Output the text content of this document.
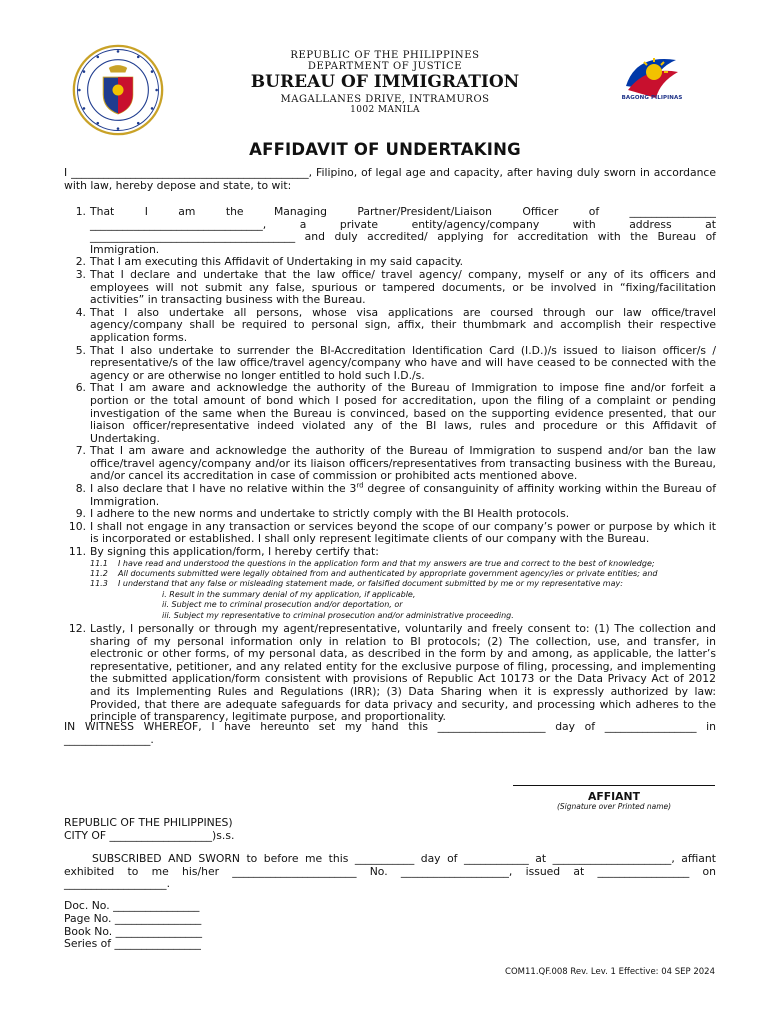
BAGONG PILIPINAS
REPUBLIC OF THE PHILIPPINES
DEPARTMENT OF JUSTICE
BUREAU OF IMMIGRATION
MAGALLANES DRIVE, INTRAMUROS
1002 MANILA
AFFIDAVIT OF UNDERTAKING
I ____________________________________________, Filipino, of legal age and capacity, after having duly sworn in accordance with law, hereby depose and state, to wit:
1. That	I	am	the	Managing	Partner/President/Liaison	Officer	of	________________
________________________________, a private entity/agency/company with address at ______________________________________ and duly accredited/ applying for accreditation with the Bureau of Immigration.
2. That I am executing this Affidavit of Undertaking in my said capacity.
3. That I declare and undertake that the law office/ travel agency/ company, myself or any of its officers and employees will not submit any false, spurious or tampered documents, or be involved in “fixing/facilitation activities” in transacting business with the Bureau.
4. That I also undertake all persons, whose visa applications are coursed through our law office/travel agency/company shall be required to personal sign, affix, their thumbmark and accomplish their respective application forms.
5. That I also undertake to surrender the BI-Accreditation Identification Card (I.D.)/s issued to liaison officer/s / representative/s of the law office/travel agency/company who have and will have ceased to be connected with the agency or are otherwise no longer entitled to hold such I.D./s.
6. That I am aware and acknowledge the authority of the Bureau of Immigration to impose fine and/or forfeit a portion or the total amount of bond which I posed for accreditation, upon the filing of a complaint or pending investigation of the same when the Bureau is convinced, based on the supporting evidence presented, that our liaison officer/representative indeed violated any of the BI laws, rules and procedure or this Affidavit of Undertaking.
7. That I am aware and acknowledge the authority of the Bureau of Immigration to suspend and/or ban the law office/travel agency/company and/or its liaison officers/representatives from transacting business with the Bureau, and/or cancel its accreditation in case of commission or prohibited acts mentioned above.
8. I also declare that I have no relative within the 3rd degree of consanguinity of affinity working within the Bureau of Immigration.
9. I adhere to the new norms and undertake to strictly comply with the BI Health protocols.
10. I shall not engage in any transaction or services beyond the scope of our company’s power or purpose by which it is incorporated or established. I shall only represent legitimate clients of our company with the Bureau.
11. By signing this application/form, I hereby certify that:
11.1	I have read and understood the questions in the application form and that my answers are true and correct to the best of knowledge;
11.2	All documents submitted were legally obtained from and authenticated by appropriate government agency/ies or private entities; and
11.3	I understand that any false or misleading statement made, or falsified document submitted by me or my representative may:
i. Result in the summary denial of my application, if applicable,
ii. Subject me to criminal prosecution and/or deportation, or
iii. Subject my representative to criminal prosecution and/or administrative proceeding.
12. Lastly, I personally or through my agent/representative, voluntarily and freely consent to: (1) The collection and sharing of my personal information only in relation to BI protocols; (2) The collection, use, and transfer, in electronic or other forms, of my personal data, as described in the form by and among, as applicable, the latter’s representative, petitioner, and any related entity for the exclusive purpose of filing, processing, and implementing the submitted application/form consistent with provisions of Republic Act 10173 or the Data Privacy Act of 2012 and its Implementing Rules and Regulations (IRR); (3) Data Sharing when it is expressly authorized by law: Provided, that there are adequate safeguards for data privacy and security, and processing which adheres to the principle of transparency, legitimate purpose, and proportionality.
IN WITNESS WHEREOF, I have hereunto set my hand this ____________________ day of _________________ in ________________.
AFFIANT
(Signature over Printed name)
REPUBLIC OF THE PHILIPPINES)
CITY OF ___________________)s.s.
SUBSCRIBED AND SWORN to before me this ___________ day of ____________ at ______________________, affiant exhibited to me his/her _______________________ No. ____________________, issued at _________________ on ___________________.
Doc. No. ________________
Page No. ________________
Book No. ________________
Series of ________________
COM11.QF.008 Rev. Lev. 1 Effective: 04 SEP 2024
